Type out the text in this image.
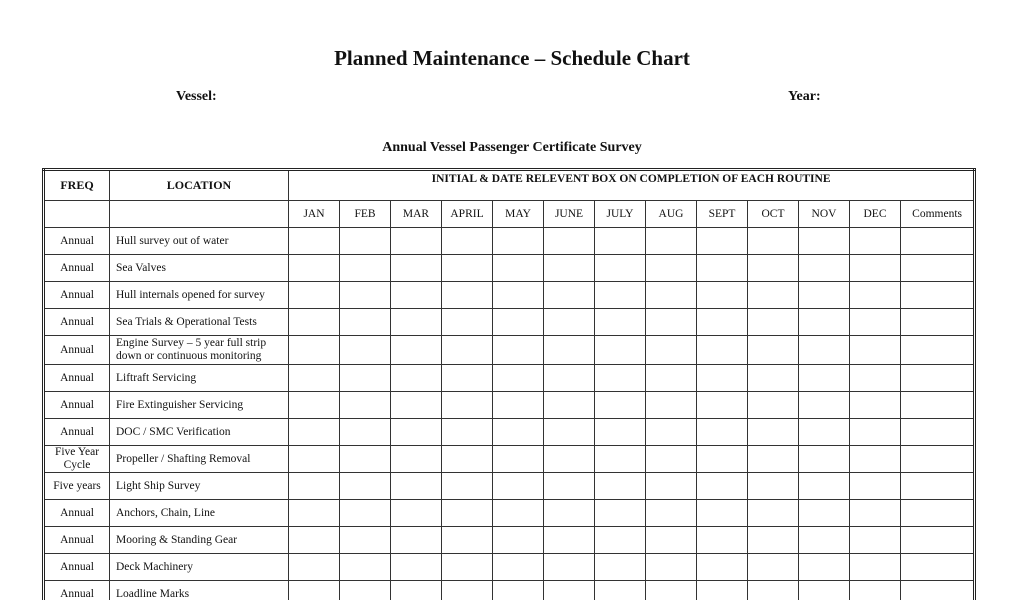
Planned Maintenance – Schedule Chart
Vessel:	Year:
Annual Vessel Passenger Certificate Survey
FREQ	LOCATION	INITIAL & DATE RELEVENT BOX ON COMPLETION OF EACH ROUTINE												
		JAN	FEB	MAR	APRIL	MAY	JUNE	JULY	AUG	SEPT	OCT	NOV	DEC	Comments
Annual	Hull survey out of water													
Annual	Sea Valves													
Annual	Hull internals opened for survey													
Annual	Sea Trials & Operational Tests													
Annual	Engine Survey – 5 year full strip down or continuous monitoring													
Annual	Liftraft Servicing													
Annual	Fire Extinguisher Servicing													
Annual	DOC / SMC Verification													
Five Year Cycle	Propeller / Shafting Removal													
Five years	Light Ship Survey													
Annual	Anchors, Chain, Line													
Annual	Mooring & Standing Gear													
Annual	Deck Machinery													
Annual	Loadline Marks													
